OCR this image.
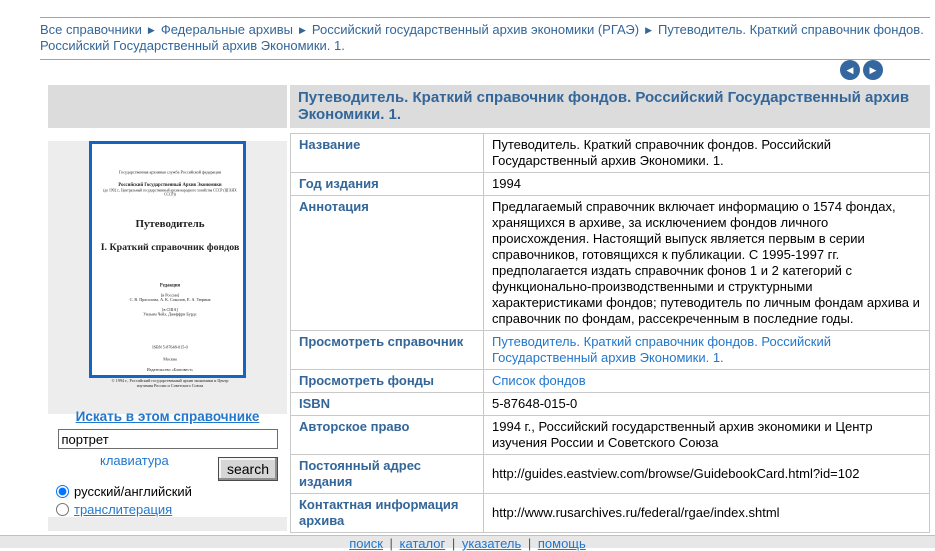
Все справочники ▶ Федеральные архивы ▶ Российский государственный архив экономики (РГАЭ) ▶ Путеводитель. Краткий справочник фондов. Российский Государственный архив Экономики. 1.
◀	▶
Государственная архивная служба Российской федерации
Российский Государственный Архив Экономики
(до 1992 г., Центральный государственный архив народного хозяйства СССР (ЦГАНХ СССР))
Путеводитель
I. Краткий справочник фондов
Редакция
[в России]
С. В. Прасолова, А. К. Соколов, Е. А. Тюрина
[в США]
Уильям Чейз, Джеффри Бурдс
ISBN 5-87648-015-0
Москва
Издательство «Благовест»
© 1994 г., Российский государственный архив экономики и Центр изучения России и Советского Союза
Искать в этом справочнике
портрет
клавиатура
search
русский/английский
транслитерация
Путеводитель. Краткий справочник фондов. Российский Государственный архив Экономики. 1.
Название	Путеводитель. Краткий справочник фондов. Российский Государственный архив Экономики. 1.
Год издания	1994
Аннотация	Предлагаемый справочник включает информацию о 1574 фондах, хранящихся в архиве, за исключением фондов личного происхождения. Настоящий выпуск является первым в серии справочников, готовящихся к публикации. С 1995-1997 гг. предполагается издать справочник фонов 1 и 2 категорий с функционально-производственными и структурными характеристиками фондов; путеводитель по личным фондам архива и справочник по фондам, рассекреченным в последние годы.
Просмотреть справочник	Путеводитель. Краткий справочник фондов. Российский Государственный архив Экономики. 1.
Просмотреть фонды	Список фондов
ISBN	5-87648-015-0
Авторское право	1994 г., Российский государственный архив экономики и Центр изучения России и Советского Союза
Постоянный адрес издания	http://guides.eastview.com/browse/GuidebookCard.html?id=102
Контактная информация архива	http://www.rusarchives.ru/federal/rgae/index.shtml
поиск | каталог | указатель | помощь
